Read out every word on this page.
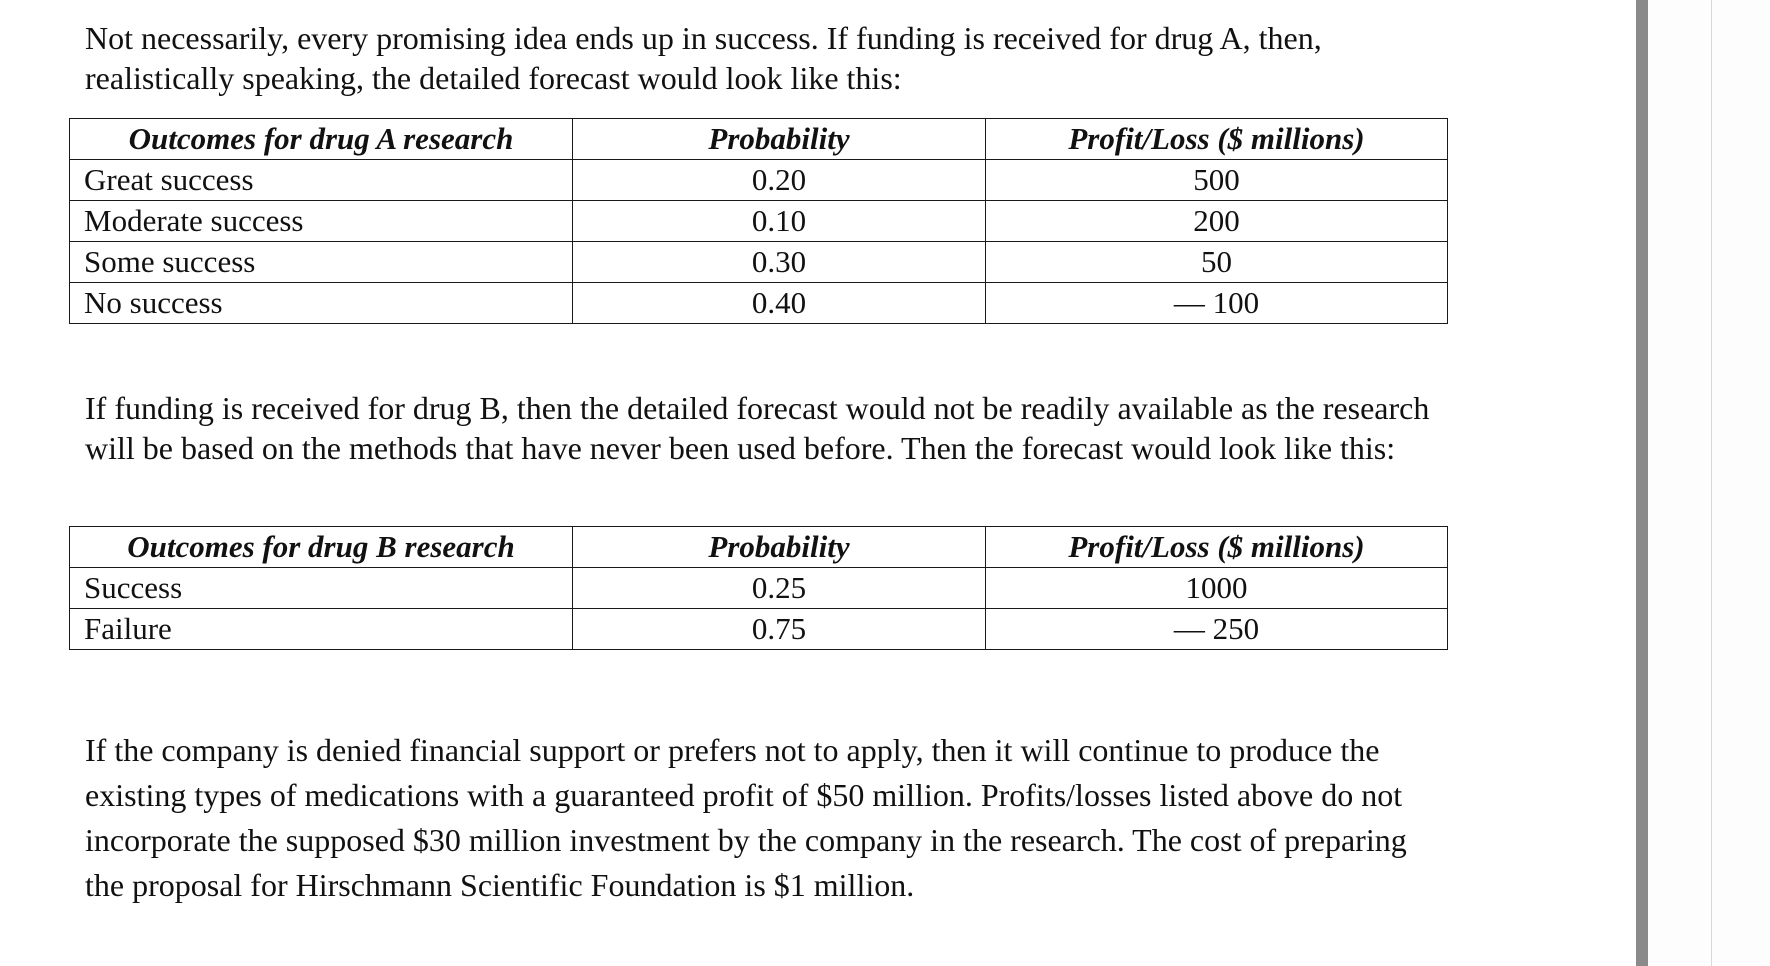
Not necessarily, every promising idea ends up in success. If funding is received for drug A, then, realistically speaking, the detailed forecast would look like this:

Outcomes for drug A research	Probability	Profit/Loss ($ millions)
Great success	0.20	500
Moderate success	0.10	200
Some success	0.30	50
No success	0.40	— 100

If funding is received for drug B, then the detailed forecast would not be readily available as the research will be based on the methods that have never been used before. Then the forecast would look like this:

Outcomes for drug B research	Probability	Profit/Loss ($ millions)
Success	0.25	1000
Failure	0.75	— 250

If the company is denied financial support or prefers not to apply, then it will continue to produce the existing types of medications with a guaranteed profit of $50 million. Profits/losses listed above do not incorporate the supposed $30 million investment by the company in the research. The cost of preparing the proposal for Hirschmann Scientific Foundation is $1 million.
